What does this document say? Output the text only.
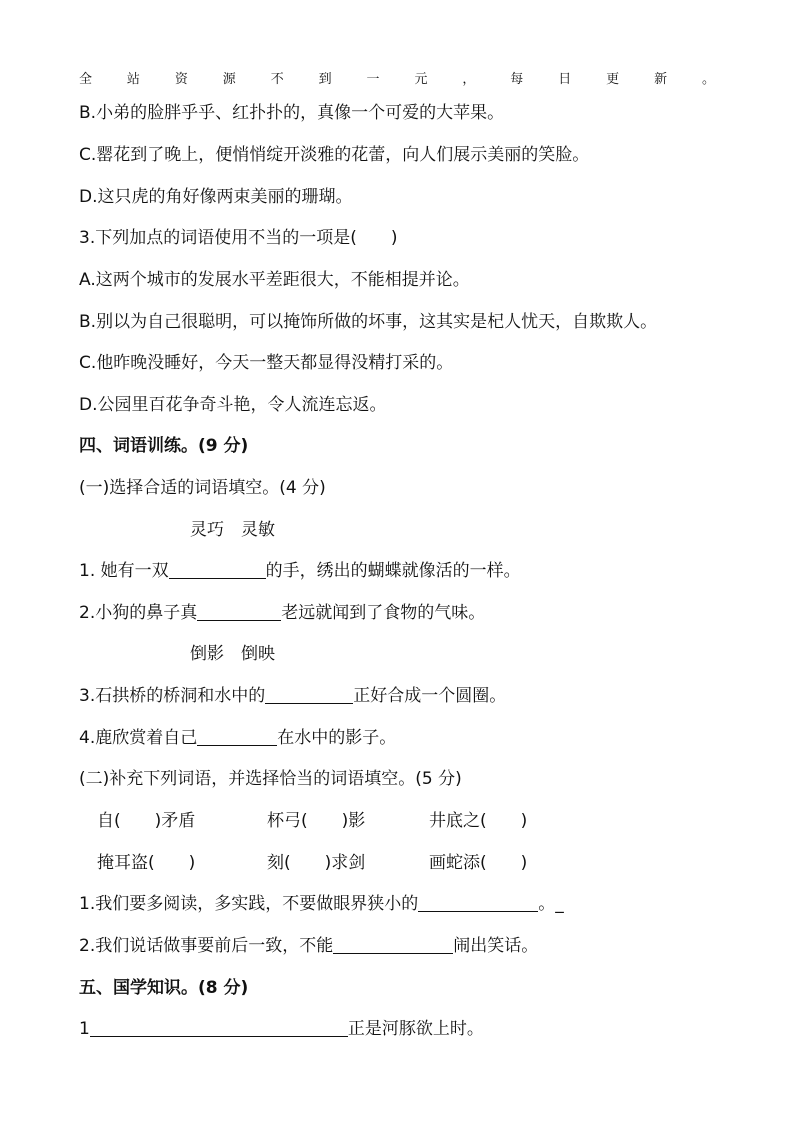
全	站	资	源	不	到	一	元	，	每	日	更	新	。
B.小弟的脸胖乎乎、红扑扑的，真像一个可爱的大苹果。
C.罂花到了晚上，便悄悄绽开淡雅的花蕾，向人们展示美丽的笑脸。
D.这只虎的角好像两束美丽的珊瑚。
3.下列加点的词语使用不当的一项是(　　)
A.这两个城市的发展水平差距很大，不能相提并论。
B.别以为自己很聪明，可以掩饰所做的坏事，这其实是杞人忧天，自欺欺人。
C.他昨晚没睡好，今天一整天都显得没精打采的。
D.公园里百花争奇斗艳，令人流连忘返。
四、词语训练。(9 分)
(一)选择合适的词语填空。(4 分)
灵巧　灵敏
1. 她有一双	的手，绣出的蝴蝶就像活的一样。
2.小狗的鼻子真	老远就闻到了食物的气味。
倒影　倒映
3.石拱桥的桥洞和水中的	正好合成一个圆圈。
4.鹿欣赏着自己	在水中的影子。
(二)补充下列词语，并选择恰当的词语填空。(5 分)
自(　　)矛盾	杯弓(　　)影	井底之(　　)
掩耳盗(　　)	刻(　　)求剑	画蛇添(　　)
1.我们要多阅读，多实践，不要做眼界狭小的	。_
2.我们说话做事要前后一致，不能	闹出笑话。
五、国学知识。(8 分)
1	正是河豚欲上时。
